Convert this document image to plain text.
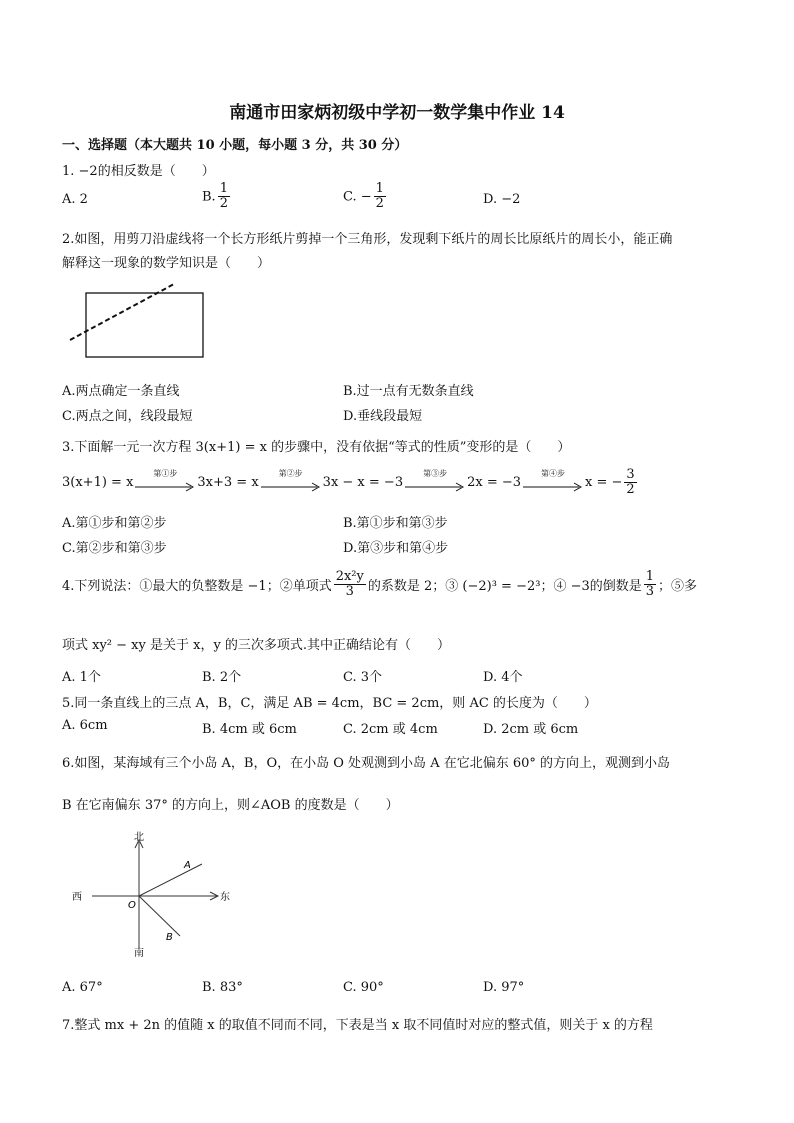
南通市田家炳初级中学初一数学集中作业 14
一、选择题（本大题共 10 小题，每小题 3 分，共 30 分）
1. −2的相反数是（　　）
A. 2	B. $\frac{1}{2}$	C. − $\frac{1}{2}$	D. −2
2.如图，用剪刀沿虚线将一个长方形纸片剪掉一个三角形，发现剩下纸片的周长比原纸片的周长小，能正确
解释这一现象的数学知识是（　　）
A.两点确定一条直线	B.过一点有无数条直线
C.两点之间，线段最短	D.垂线段最短
3.下面解一元一次方程 3(x+1) = x 的步骤中，没有依据“等式的性质”变形的是（　　）
3(x+1) = x
第①步
3x+3 = x
第②步
3x − x = −3
第③步
2x = −3
第④步
x = − $\frac{3}{2}$
A.第①步和第②步	B.第①步和第③步
C.第②步和第③步	D.第③步和第④步
4.下列说法：①最大的负整数是 −1；②单项式 $\frac{\text{2x²y}}{3}$ 的系数是 2；③ (−2)³ = −2³；④ −3的倒数是 $\frac{1}{3}$ ；⑤多
项式 xy² − xy 是关于 x，y 的三次多项式.其中正确结论有（　　）
A. 1个	B. 2个	C. 3个	D. 4个
5.同一条直线上的三点 A，B，C，满足 AB = 4cm，BC = 2cm，则 AC 的长度为（　　）
A. 6cm	B. 4cm 或 6cm	C. 2cm 或 4cm	D. 2cm 或 6cm
6.如图，某海域有三个小岛 A，B，O，在小岛 O 处观测到小岛 A 在它北偏东 60° 的方向上，观测到小岛
B 在它南偏东 37° 的方向上，则∠AOB 的度数是（　　）
北
南
西	东
A
B
O
A. 67°	B. 83°	C. 90°	D. 97°
7.整式 mx + 2n 的值随 x 的取值不同而不同，下表是当 x 取不同值时对应的整式值，则关于 x 的方程
